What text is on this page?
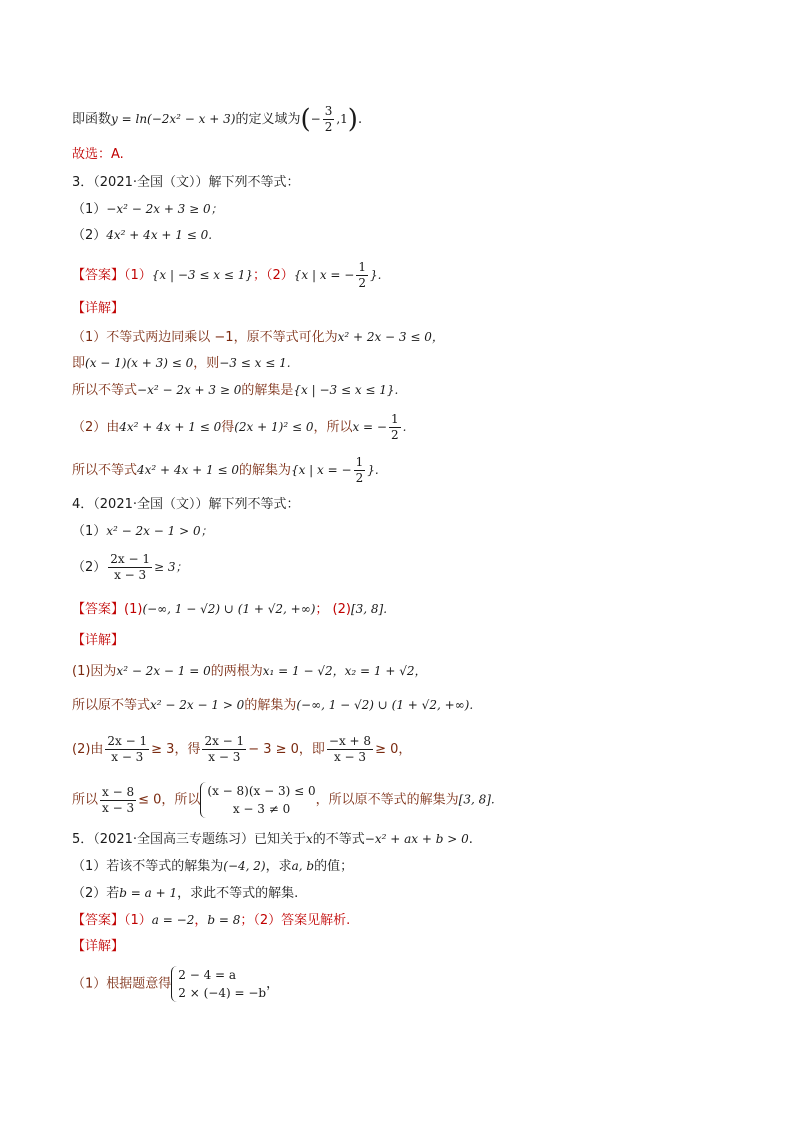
即函数y = ln(−2x² − x + 3)的定义域为(− $\frac{3}{2} ,1$).
故选：A.
3．（2021·全国（文））解下列不等式：
（1）−x² − 2x + 3 ≥ 0；
（2）4x² + 4x + 1 ≤ 0.
【答案】（1）{x | −3 ≤ x ≤ 1}；（2）{x | x = − $\frac{1}{2}$ }.
【详解】
（1）不等式两边同乘以 −1，原不等式可化为x² + 2x − 3 ≤ 0，
即(x − 1)(x + 3) ≤ 0，则−3 ≤ x ≤ 1.
所以不等式−x² − 2x + 3 ≥ 0的解集是{x | −3 ≤ x ≤ 1}.
（2）由4x² + 4x + 1 ≤ 0得(2x + 1)² ≤ 0，所以x = − $\frac{1}{2}$ .
所以不等式4x² + 4x + 1 ≤ 0的解集为{x | x = − $\frac{1}{2}$ }.
4．（2021·全国（文））解下列不等式：
（1）x² − 2x − 1 > 0；
$(2) \frac{2x - 1}{x - 3} \ge 3$；
【答案】(1)(−∞, 1 − √2) ∪ (1 + √2, +∞)； (2)[3, 8].
【详解】
(1)因为x² − 2x − 1 = 0的两根为x₁ = 1 − √2，x₂ = 1 + √2，
所以原不等式x² − 2x − 1 > 0的解集为(−∞, 1 − √2) ∪ (1 + √2, +∞).
(2)由 $\frac{2x - 1}{x - 3} \ge 3$，得 $\frac{2x - 1}{x - 3} - 3 \ge 0$，即 $\frac{-x + 8}{x - 3} \ge 0$，
所以 $\frac{x - 8}{x - 3} \le 0$，所以
(x − 8)(x − 3) ≤ 0
x − 3 ≠ 0
，所以原不等式的解集为[3, 8].
5．（2021·全国高三专题练习）已知关于x的不等式−x² + ax + b > 0.
（1）若该不等式的解集为(−4, 2)，求a, b的值；
（2）若b = a + 1，求此不等式的解集.
【答案】（1）a = −2，b = 8；（2）答案见解析.
【详解】
（1）根据题意得
2 − 4 = a
2 × (−4) = −b
，
